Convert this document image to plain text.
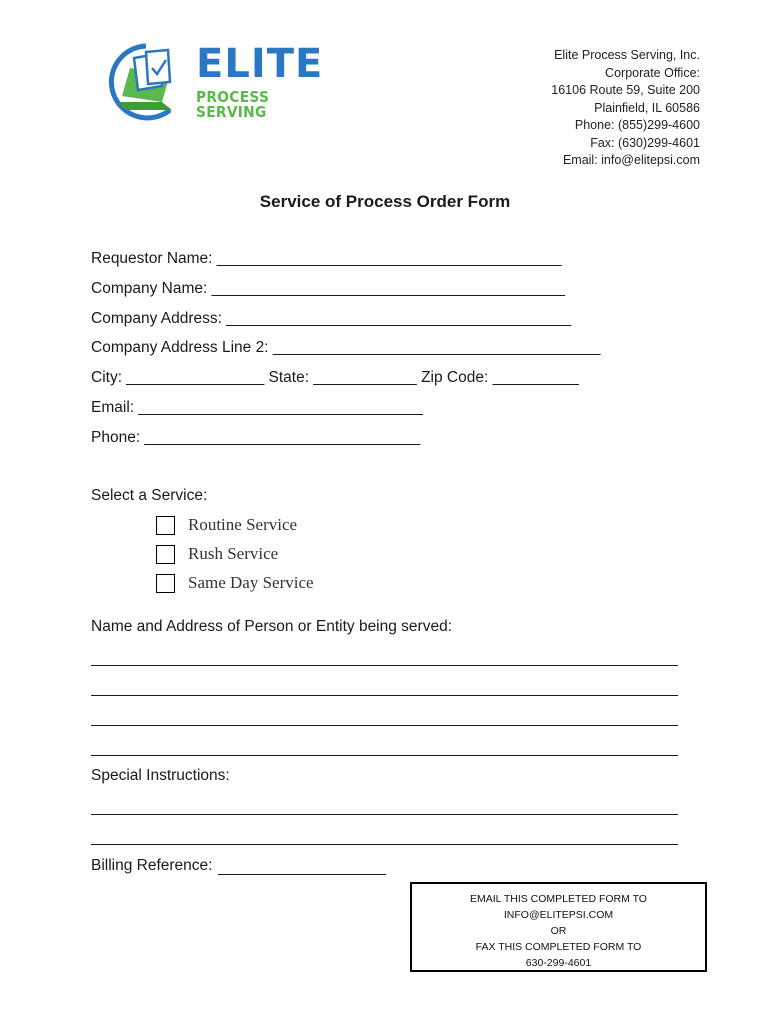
ELITE
PROCESS SERVING
Elite Process Serving, Inc.
Corporate Office:
16106 Route 59, Suite 200
Plainfield, IL 60586
Phone: (855)299-4600
Fax: (630)299-4601
Email: info@elitepsi.com
Service of Process Order Form
Requestor Name: ________________________________________
Company Name: _________________________________________
Company Address: ________________________________________
Company Address Line 2: ______________________________________
City: ________________ State: ____________ Zip Code: __________
Email: _________________________________
Phone: ________________________________
Select a Service:
Routine Service
Rush Service
Same Day Service
Name and Address of Person or Entity being served:
Special Instructions:
Billing Reference:
EMAIL THIS COMPLETED FORM TO
INFO@ELITEPSI.COM
OR
FAX THIS COMPLETED FORM TO
630-299-4601
